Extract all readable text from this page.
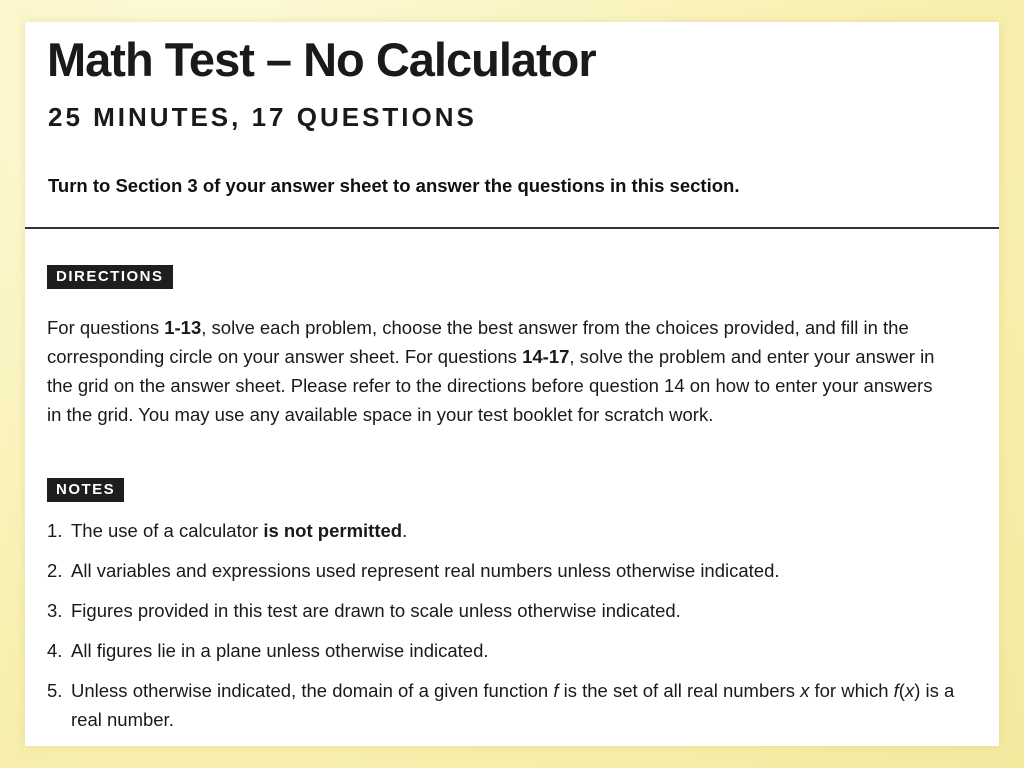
Math Test – No Calculator
25 MINUTES, 17 QUESTIONS

Turn to Section 3 of your answer sheet to answer the questions in this section.

DIRECTIONS

For questions 1-13, solve each problem, choose the best answer from the choices provided, and fill in the corresponding circle on your answer sheet. For questions 14-17, solve the problem and enter your answer in the grid on the answer sheet. Please refer to the directions before question 14 on how to enter your answers in the grid. You may use any available space in your test booklet for scratch work.

NOTES
1. The use of a calculator is not permitted.
2. All variables and expressions used represent real numbers unless otherwise indicated.
3. Figures provided in this test are drawn to scale unless otherwise indicated.
4. All figures lie in a plane unless otherwise indicated.
5. Unless otherwise indicated, the domain of a given function f is the set of all real numbers x for which f(x) is a real number.
